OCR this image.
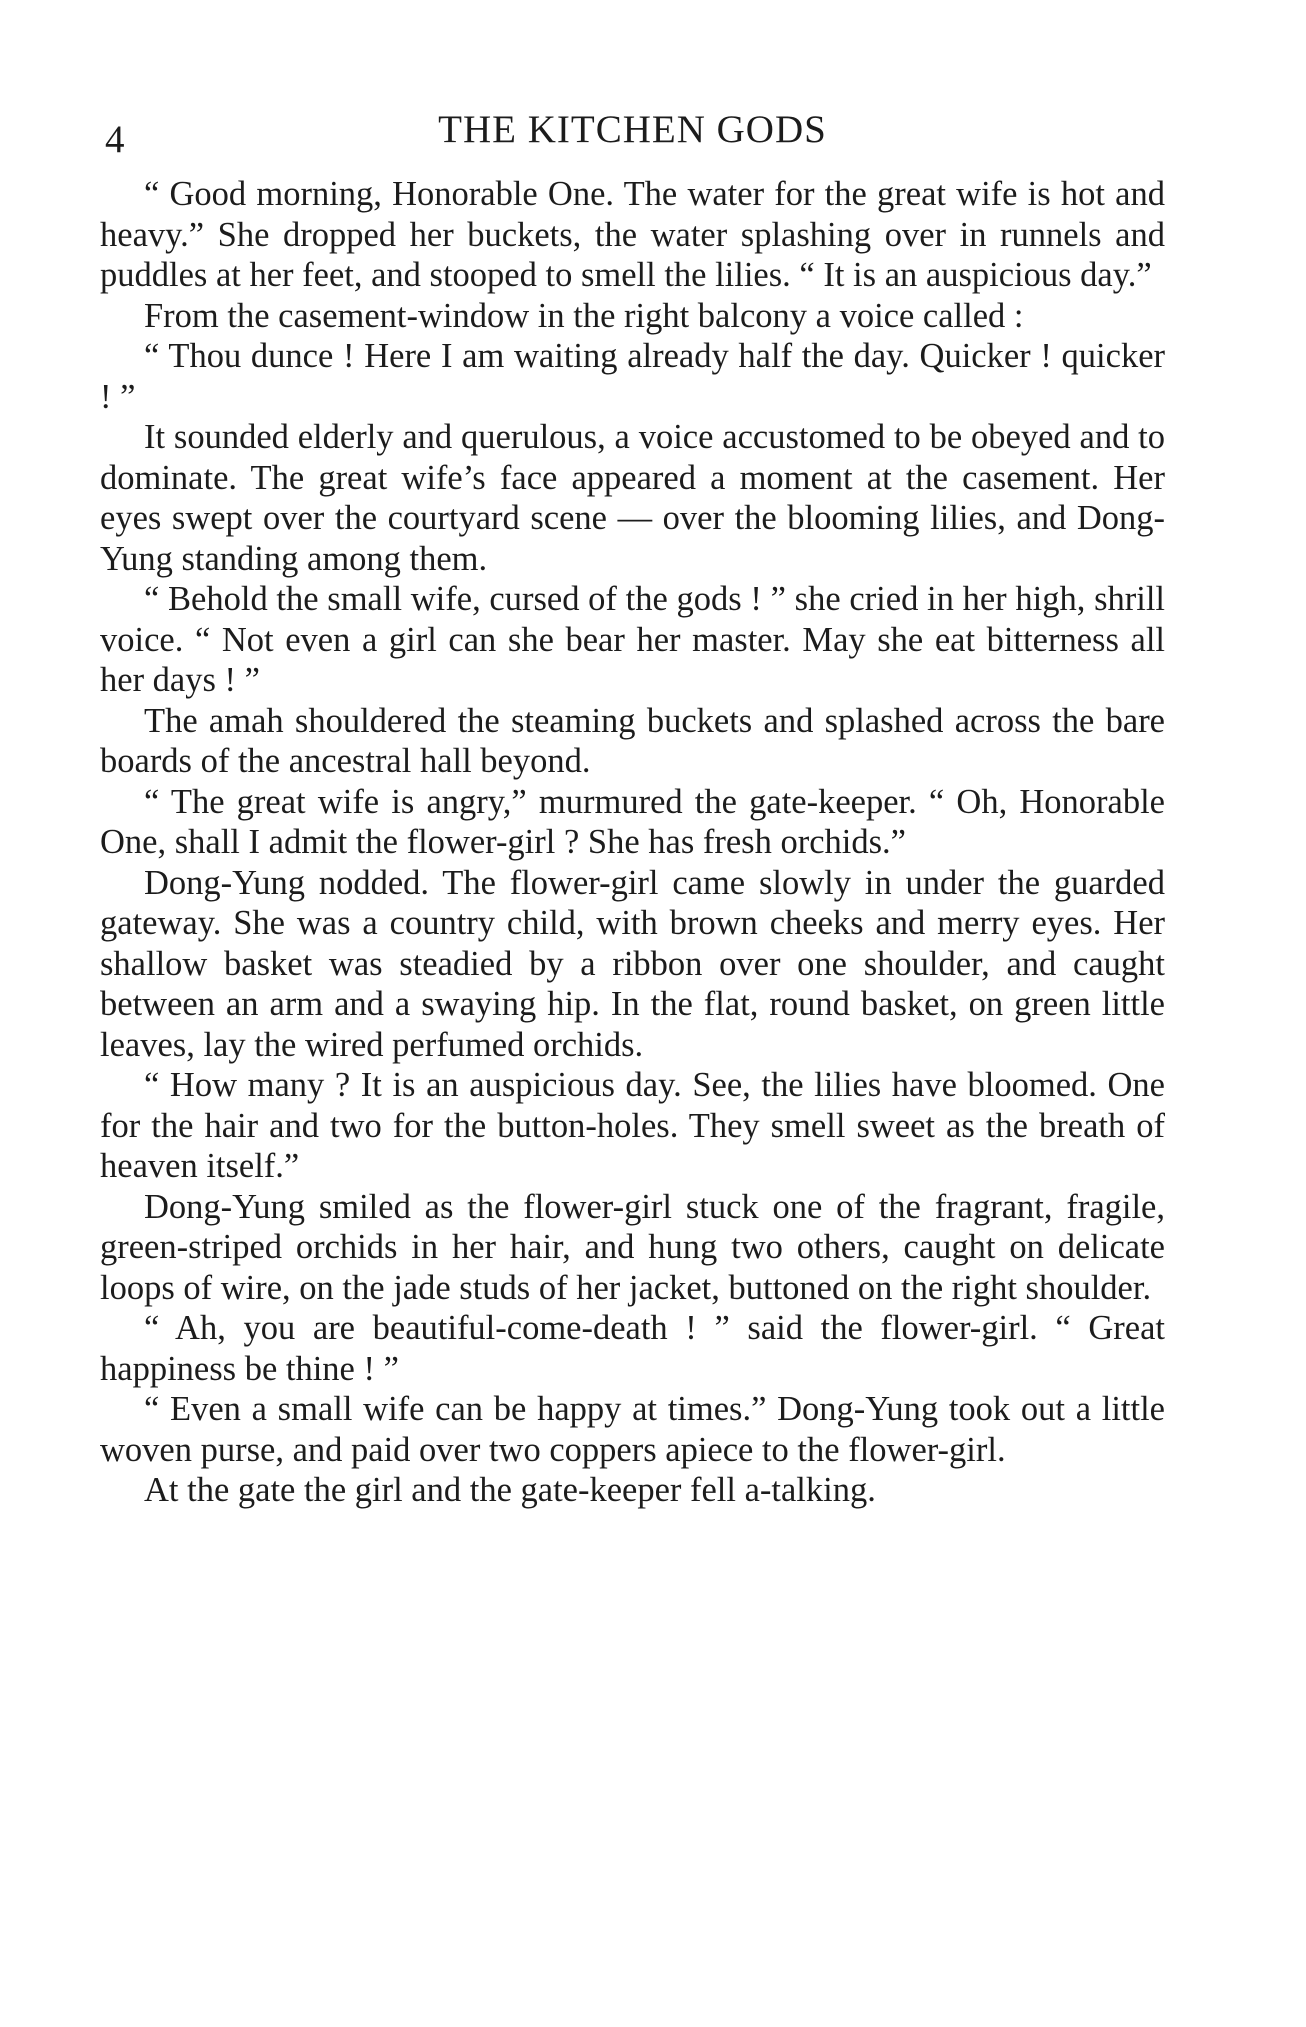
4	THE KITCHEN GODS

“ Good morning, Honorable One. The water for the great wife is hot and heavy.” She dropped her buckets, the water splashing over in runnels and puddles at her feet, and stooped to smell the lilies. “ It is an auspicious day.”

From the casement-window in the right balcony a voice called :

“ Thou dunce ! Here I am waiting already half the day. Quicker ! quicker ! ”

It sounded elderly and querulous, a voice accustomed to be obeyed and to dominate. The great wife’s face appeared a moment at the casement. Her eyes swept over the courtyard scene — over the blooming lilies, and Dong-Yung standing among them.

“ Behold the small wife, cursed of the gods ! ” she cried in her high, shrill voice. “ Not even a girl can she bear her master. May she eat bitterness all her days ! ”

The amah shouldered the steaming buckets and splashed across the bare boards of the ancestral hall beyond.

“ The great wife is angry,” murmured the gate-keeper. “ Oh, Honorable One, shall I admit the flower-girl ? She has fresh orchids.”

Dong-Yung nodded. The flower-girl came slowly in under the guarded gateway. She was a country child, with brown cheeks and merry eyes. Her shallow basket was steadied by a ribbon over one shoulder, and caught between an arm and a swaying hip. In the flat, round basket, on green little leaves, lay the wired perfumed orchids.

“ How many ? It is an auspicious day. See, the lilies have bloomed. One for the hair and two for the button-holes. They smell sweet as the breath of heaven itself.”

Dong-Yung smiled as the flower-girl stuck one of the fragrant, fragile, green-striped orchids in her hair, and hung two others, caught on delicate loops of wire, on the jade studs of her jacket, buttoned on the right shoulder.

“ Ah, you are beautiful-come-death ! ” said the flower-girl. “ Great happiness be thine ! ”

“ Even a small wife can be happy at times.” Dong-Yung took out a little woven purse, and paid over two coppers apiece to the flower-girl.

At the gate the girl and the gate-keeper fell a-talking.
